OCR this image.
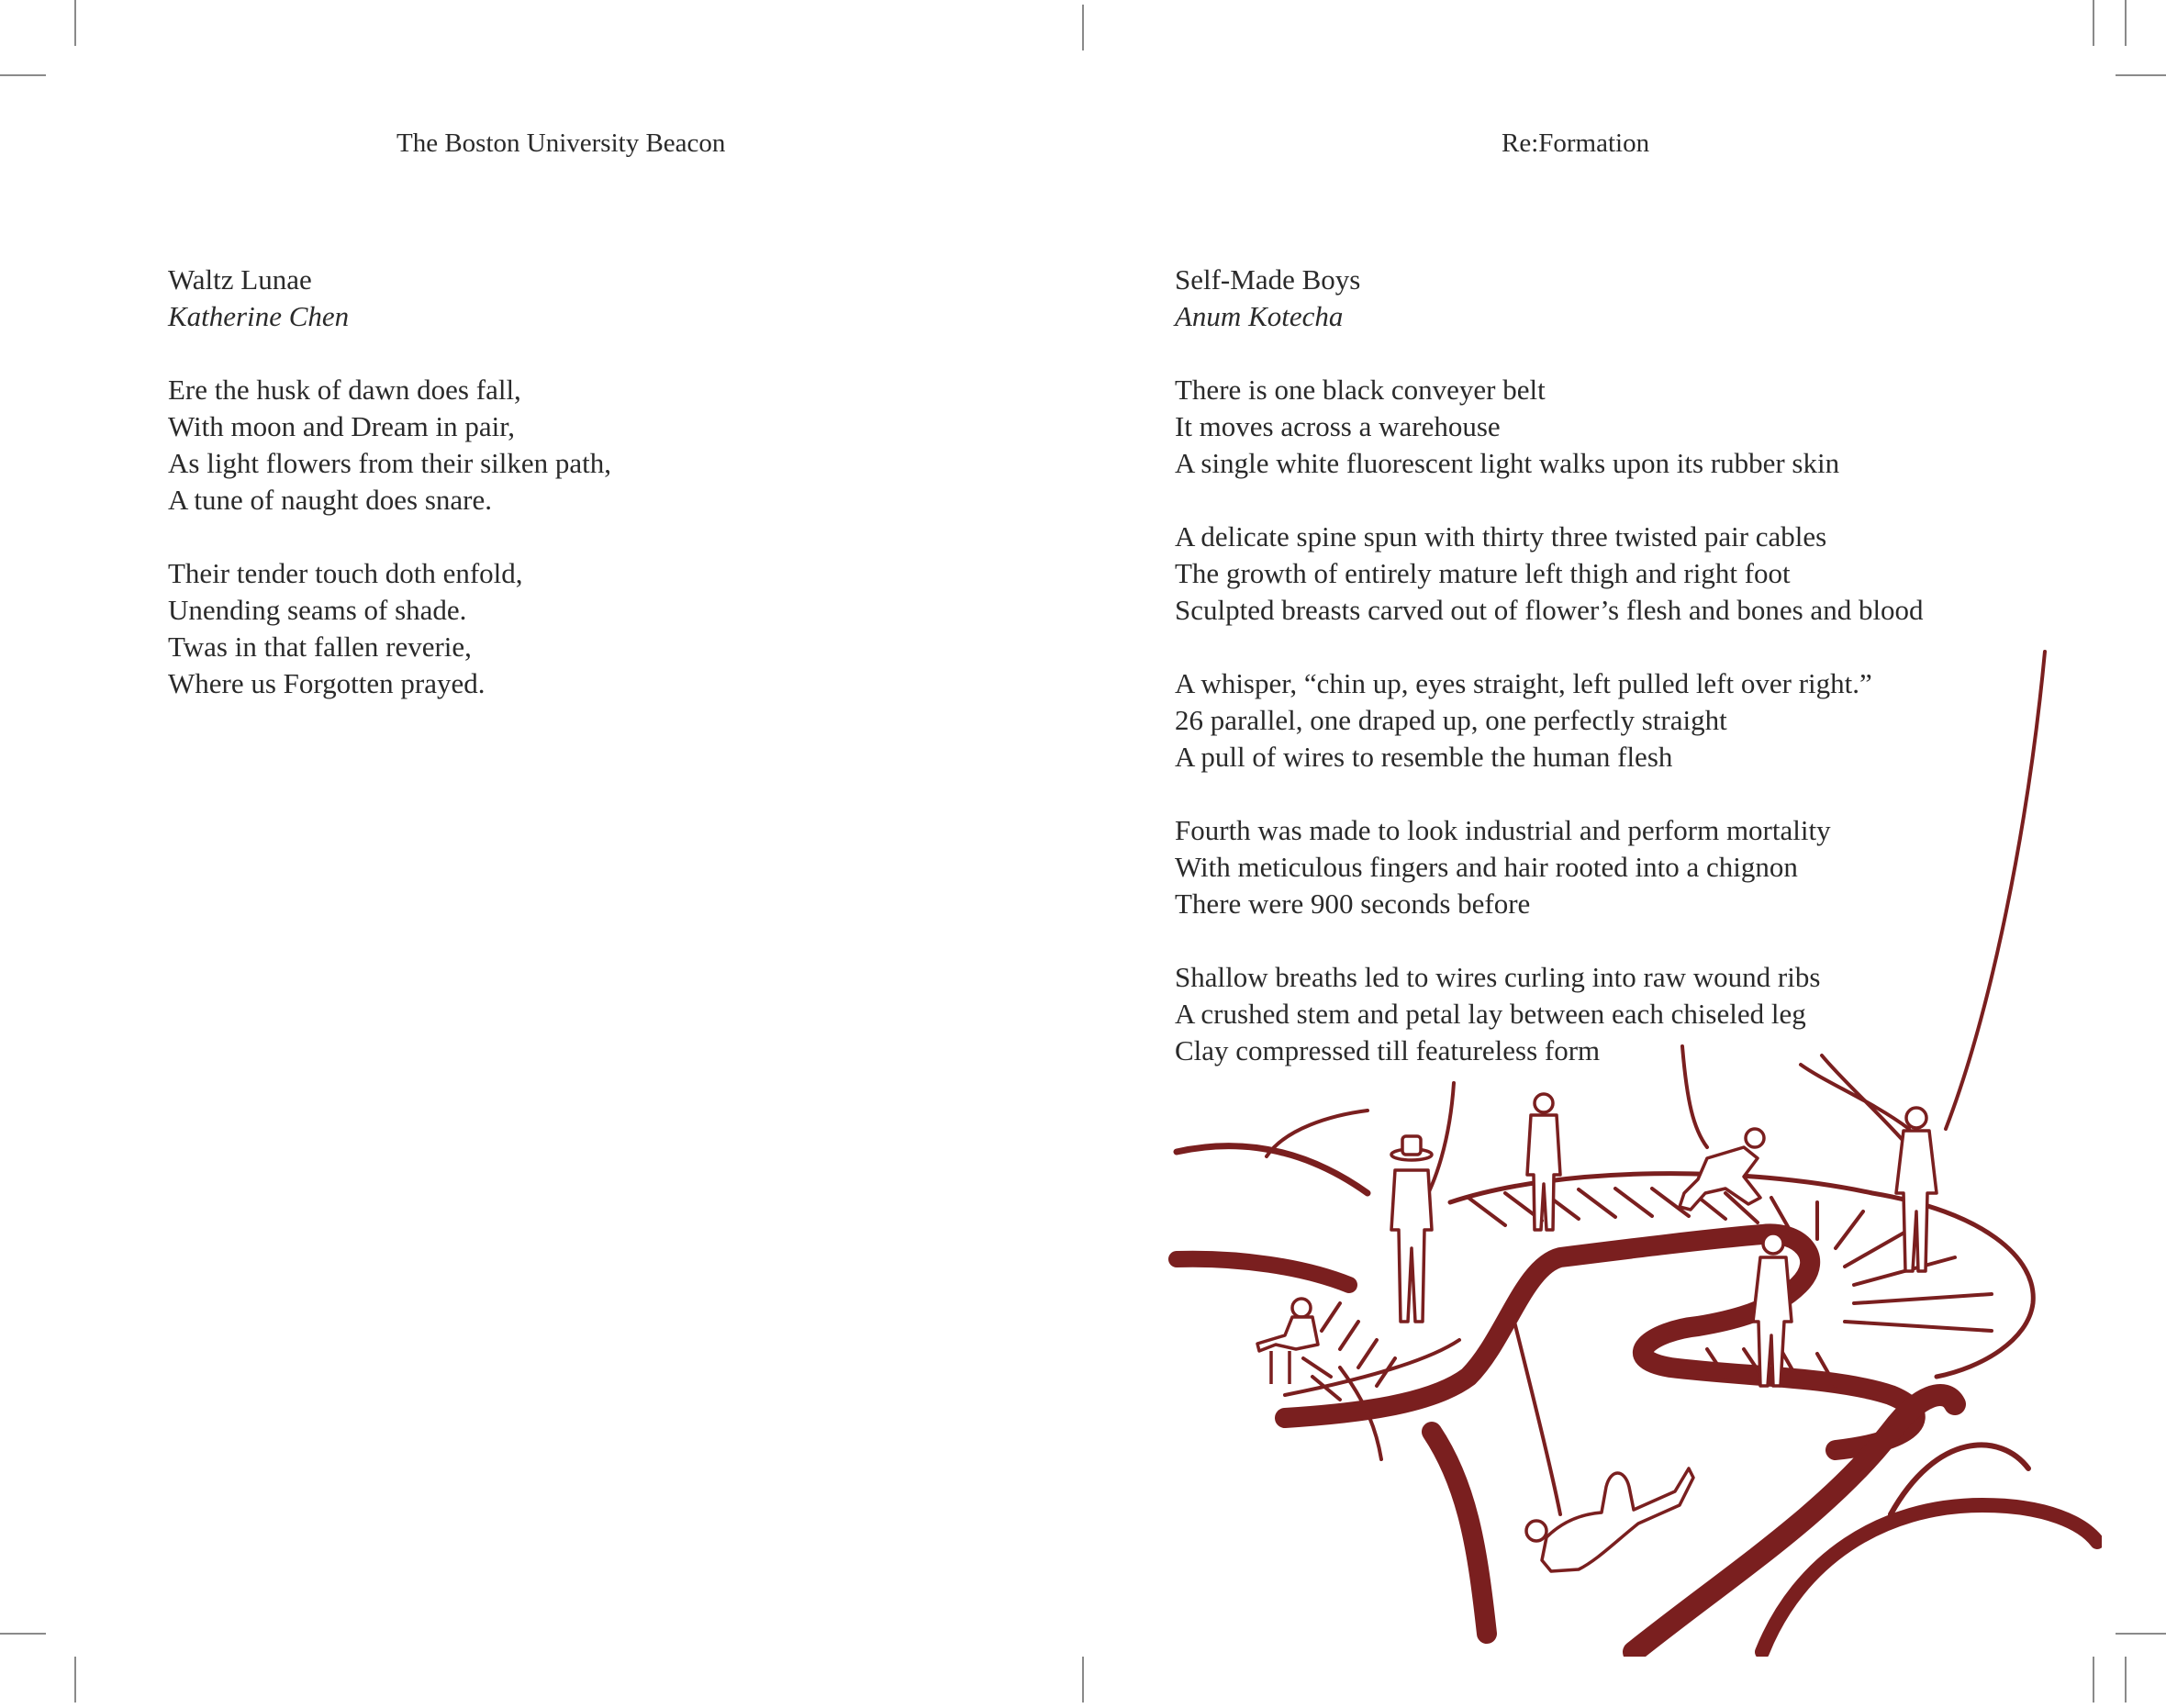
The Boston University Beacon	Re:Formation
Waltz Lunae
Katherine Chen
Ere the husk of dawn does fall,
With moon and Dream in pair,
As light flowers from their silken path,
A tune of naught does snare.
Their tender touch doth enfold,
Unending seams of shade.
Twas in that fallen reverie,
Where us Forgotten prayed.
Self-Made Boys
Anum Kotecha
There is one black conveyer belt
It moves across a warehouse
A single white fluorescent light walks upon its rubber skin
A delicate spine spun with thirty three twisted pair cables
The growth of entirely mature left thigh and right foot
Sculpted breasts carved out of flower’s flesh and bones and blood
A whisper, “chin up, eyes straight, left pulled left over right.”
26 parallel, one draped up, one perfectly straight
A pull of wires to resemble the human flesh
Fourth was made to look industrial and perform mortality
With meticulous fingers and hair rooted into a chignon
There were 900 seconds before
Shallow breaths led to wires curling into raw wound ribs
A crushed stem and petal lay between each chiseled leg
Clay compressed till featureless form
